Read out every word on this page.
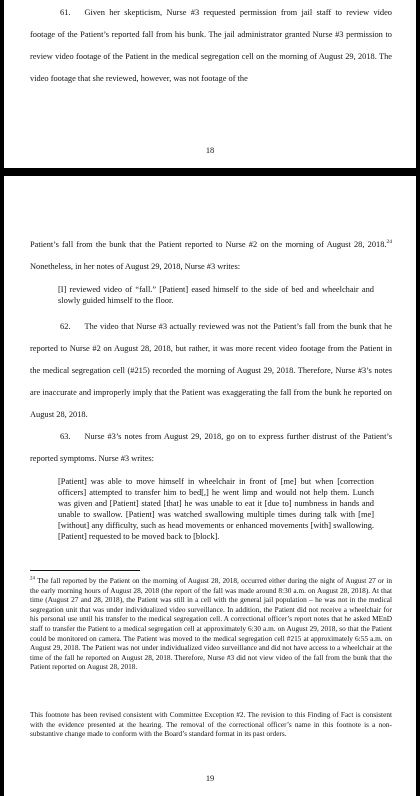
61. Given her skepticism, Nurse #3 requested permission from jail staff to review video footage of the Patient’s reported fall from his bunk. The jail administrator granted Nurse #3 permission to review video footage of the Patient in the medical segregation cell on the morning of August 29, 2018. The video footage that she reviewed, however, was not footage of the

18

Patient’s fall from the bunk that the Patient reported to Nurse #2 on the morning of August 28, 2018.24 Nonetheless, in her notes of August 29, 2018, Nurse #3 writes:

[I] reviewed video of “fall.” [Patient] eased himself to the side of bed and wheelchair and slowly guided himself to the floor.

62. The video that Nurse #3 actually reviewed was not the Patient’s fall from the bunk that he reported to Nurse #2 on August 28, 2018, but rather, it was more recent video footage from the Patient in the medical segregation cell (#215) recorded the morning of August 29, 2018. Therefore, Nurse #3’s notes are inaccurate and improperly imply that the Patient was exaggerating the fall from the bunk he reported on August 28, 2018.

63. Nurse #3’s notes from August 29, 2018, go on to express further distrust of the Patient’s reported symptoms. Nurse #3 writes:

[Patient] was able to move himself in wheelchair in front of [me] but when [correction officers] attempted to transfer him to bed[,] he went limp and would not help them. Lunch was given and [Patient] stated [that] he was unable to eat it [due to] numbness in hands and unable to swallow. [Patient] was watched swallowing multiple times during talk with [me] [without] any difficulty, such as head movements or enhanced movements [with] swallowing. [Patient] requested to be moved back to [block].

$^{24}$ The fall reported by the Patient on the morning of August 28, 2018, occurred either during the night of August 27 or in the early morning hours of August 28, 2018 (the report of the fall was made around 8:30 a.m. on August 28, 2018). At that time (August 27 and 28, 2018), the Patient was still in a cell with the general jail population – he was not in the medical segregation unit that was under individualized video surveillance. In addition, the Patient did not receive a wheelchair for his personal use until his transfer to the medical segregation cell. A correctional officer’s report notes that he asked MEnD staff to transfer the Patient to a medical segregation cell at approximately 6:30 a.m. on August 29, 2018, so that the Patient could be monitored on camera. The Patient was moved to the medical segregation cell #215 at approximately 6:55 a.m. on August 29, 2018. The Patient was not under individualized video surveillance and did not have access to a wheelchair at the time of the fall he reported on August 28, 2018. Therefore, Nurse #3 did not view video of the fall from the bunk that the Patient reported on August 28, 2018.

This footnote has been revised consistent with Committee Exception #2. The revision to this Finding of Fact is consistent with the evidence presented at the hearing. The removal of the correctional officer’s name in this footnote is a non-substantive change made to conform with the Board’s standard format in its past orders.
19
